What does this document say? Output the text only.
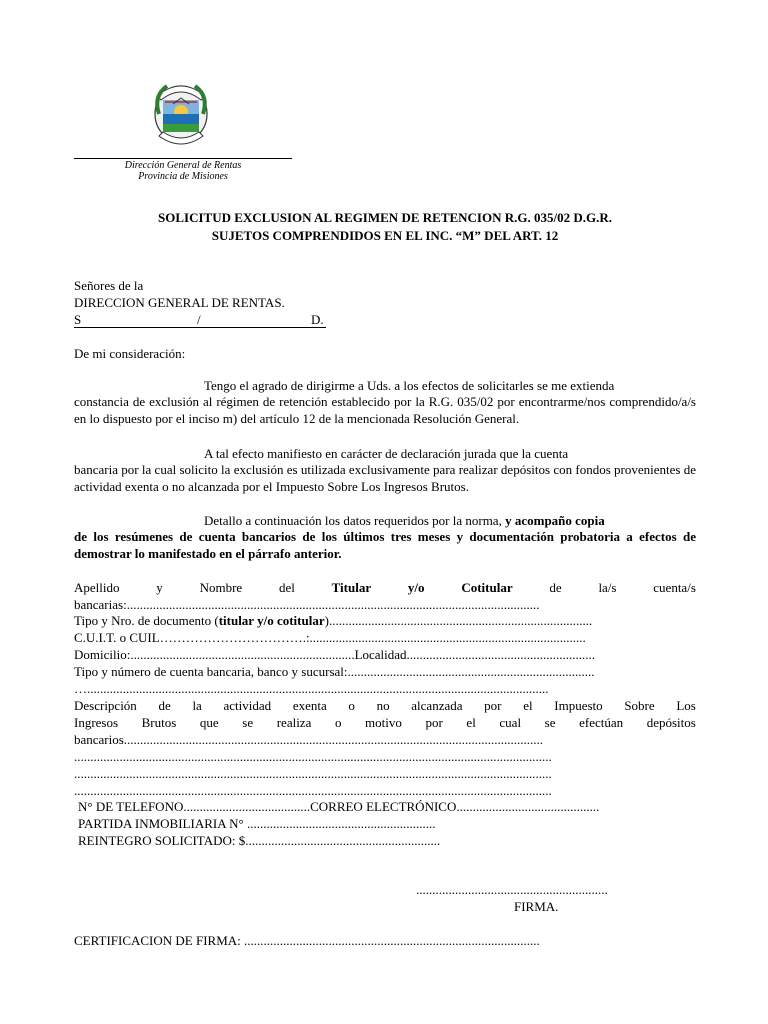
Dirección General de Rentas
Provincia de Misiones
SOLICITUD EXCLUSION AL REGIMEN DE RETENCION R.G. 035/02 D.G.R.
SUJETOS COMPRENDIDOS EN EL INC. “M” DEL ART. 12
Señores de la
DIRECCION GENERAL DE RENTAS.
S	/	D.
De mi consideración:
Tengo el agrado de dirigirme a Uds. a los efectos de solicitarles se me extienda
constancia de exclusión al régimen de retención establecido por la R.G. 035/02 por encontrarme/nos comprendido/a/s en lo dispuesto por el inciso m) del artículo 12 de la mencionada Resolución General.
A tal efecto manifiesto en carácter de declaración jurada que la cuenta
bancaria por la cual solicito la exclusión es utilizada exclusivamente para realizar depósitos con fondos provenientes de actividad exenta o no alcanzada por el Impuesto Sobre Los Ingresos Brutos.
Detallo a continuación los datos requeridos por la norma, y acompaño copia
de los resúmenes de cuenta bancarios de los últimos tres meses y documentación probatoria a efectos de demostrar lo manifestado en el párrafo anterior.
Apellido	y	Nombre	del	Titular	y/o	Cotitular	de	la/s	cuenta/s
bancarias:...............................................................................................................................
Tipo y Nro. de documento (titular y/o cotitular).................................................................................
C.U.I.T. o CUIL…………………………….:.....................................................................................
Domicilio:.....................................................................Localidad..........................................................
Tipo y número de cuenta bancaria, banco y sucursal:............................................................................
…..............................................................................................................................................
Descripción de la actividad exenta o no alcanzada por el Impuesto Sobre Los
Ingresos Brutos que se realiza o motivo por el cual se efectúan depósitos
bancarios.................................................................................................................................
...................................................................................................................................................
...................................................................................................................................................
...................................................................................................................................................
N° DE TELEFONO.......................................CORREO ELECTRÓNICO............................................
PARTIDA INMOBILIARIA N° ..........................................................
REINTEGRO SOLICITADO: $............................................................
...........................................................
FIRMA.
CERTIFICACION DE FIRMA: ...........................................................................................
